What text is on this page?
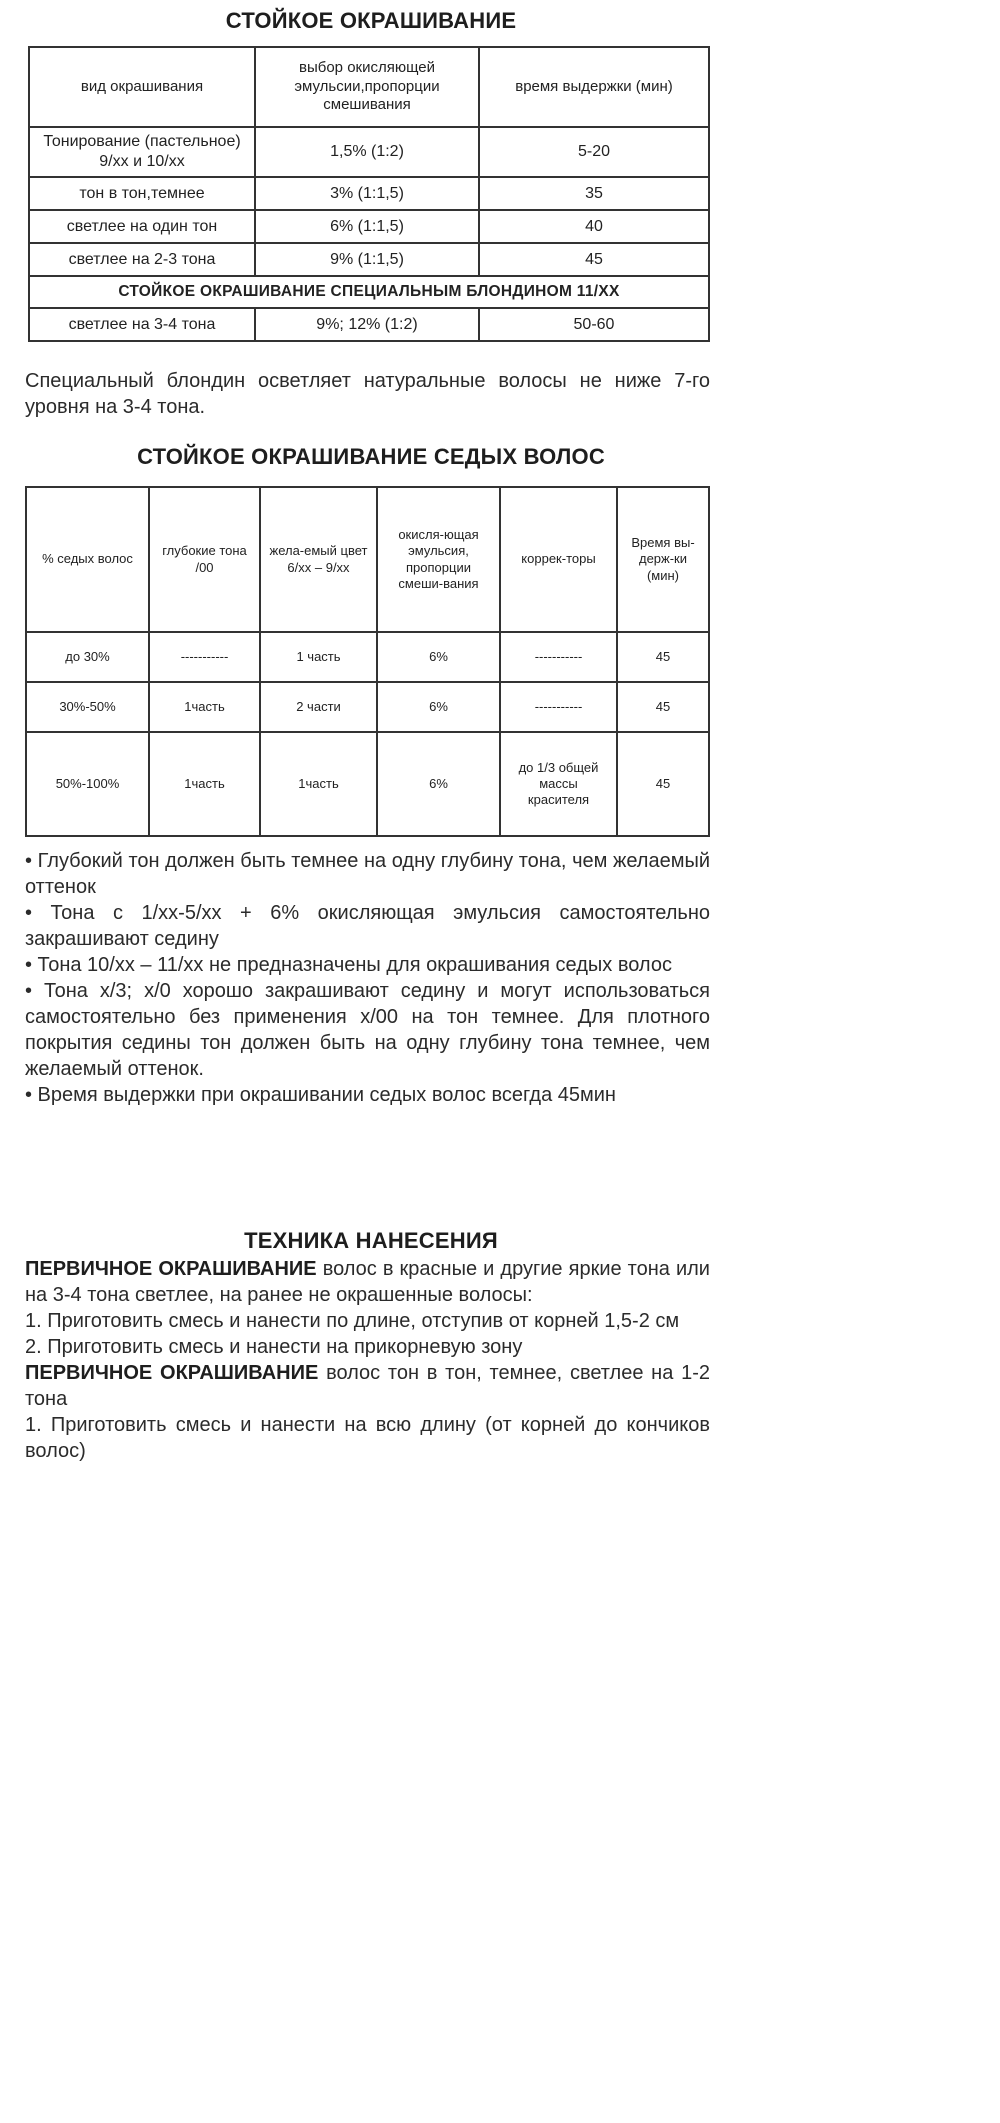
СТОЙКОЕ ОКРАШИВАНИЕ
вид окрашивания	выбор окисляющей эмульсии,пропорции смешивания	время выдержки (мин)
Тонирование (пастельное) 9/хх и 10/хх	1,5% (1:2)	5-20
тон в тон,темнее	3% (1:1,5)	35
светлее на один тон	6% (1:1,5)	40
светлее на 2-3 тона	9% (1:1,5)	45
СТОЙКОЕ ОКРАШИВАНИЕ СПЕЦИАЛЬНЫМ БЛОНДИНОМ 11/ХХ		
светлее на 3-4 тона	9%; 12% (1:2)	50-60
Специальный блондин осветляет натуральные волосы не ниже 7-го уровня на 3-4 тона.
СТОЙКОЕ ОКРАШИВАНИЕ СЕДЫХ ВОЛОС
% седых волос	глубокие тона /00	жела-емый цвет 6/хх – 9/хх	окисля-ющая эмульсия, пропорции смеши-вания	коррек-торы	Время вы-держ-ки (мин)
до 30%	-----------	1 часть	6%	-----------	45
30%-50%	1часть	2 части	6%	-----------	45
50%-100%	1часть	1часть	6%	до 1/3 общей массы красителя	45

• Глубокий тон должен быть темнее на одну глубину тона, чем желаемый оттенок

• Тона с 1/хх-5/хх + 6% окисляющая эмульсия самостоятельно закрашивают седину

• Тона 10/хх – 11/хх не предназначены для окрашивания седых волос

• Тона х/3; х/0 хорошо закрашивают седину и могут использоваться самостоятельно без применения х/00 на тон темнее. Для плотного покрытия седины тон должен быть на одну глубину тона темнее, чем желаемый оттенок.

• Время выдержки при окрашивании седых волос всегда 45мин

ТЕХНИКА НАНЕСЕНИЯ

ПЕРВИЧНОЕ ОКРАШИВАНИЕ волос в красные и другие яркие тона или на 3-4 тона светлее, на ранее не окрашенные волосы:

1. Приготовить смесь и нанести по длине, отступив от корней 1,5-2 см

2. Приготовить смесь и нанести на прикорневую зону

ПЕРВИЧНОЕ ОКРАШИВАНИЕ волос тон в тон, темнее, светлее на 1-2 тона

1. Приготовить смесь и нанести на всю длину (от корней до кончиков волос)
